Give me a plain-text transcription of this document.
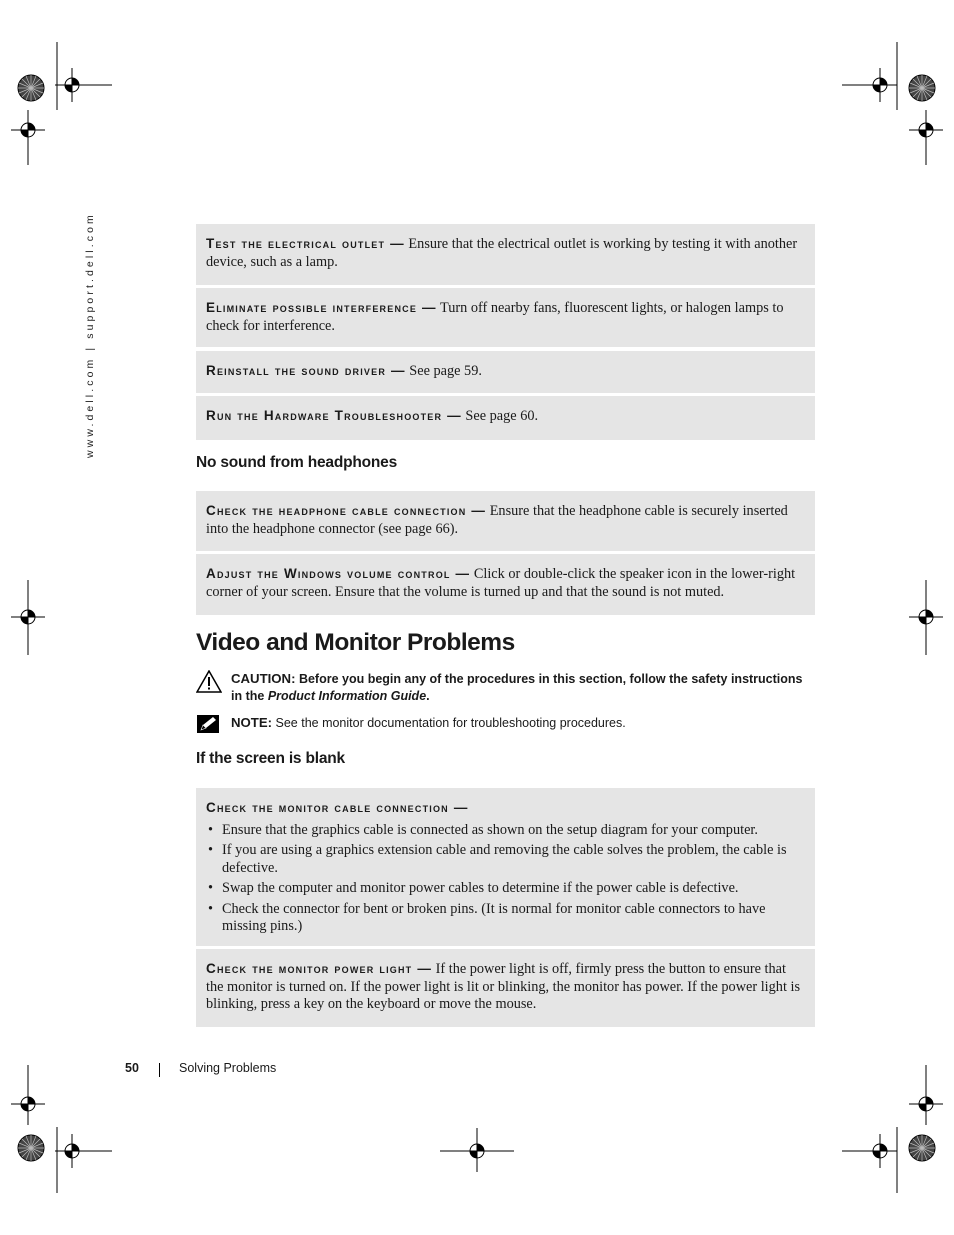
www.dell.com | support.dell.com	Test the electrical outlet — Ensure that the electrical outlet is working by testing it with another device, such as a lamp.
Eliminate possible interference — Turn off nearby fans, fluorescent lights, or halogen lamps to check for interference.
Reinstall the sound driver — See page 59.
Run the Hardware Troubleshooter — See page 60.
No sound from headphones
Check the headphone cable connection — Ensure that the headphone cable is securely inserted into the headphone connector (see page 66).
Adjust the Windows volume control — Click or double-click the speaker icon in the lower-right corner of your screen. Ensure that the volume is turned up and that the sound is not muted.
Video and Monitor Problems
CAUTION: Before you begin any of the procedures in this section, follow the safety instructions in the Product Information Guide.
NOTE: See the monitor documentation for troubleshooting procedures.
If the screen is blank
Check the monitor cable connection —
• Ensure that the graphics cable is connected as shown on the setup diagram for your computer.
• If you are using a graphics extension cable and removing the cable solves the problem, the cable is defective.
• Swap the computer and monitor power cables to determine if the power cable is defective.
• Check the connector for bent or broken pins. (It is normal for monitor cable connectors to have missing pins.)
Check the monitor power light — If the power light is off, firmly press the button to ensure that the monitor is turned on. If the power light is lit or blinking, the monitor has power. If the power light is blinking, press a key on the keyboard or move the mouse.
50	Solving Problems
